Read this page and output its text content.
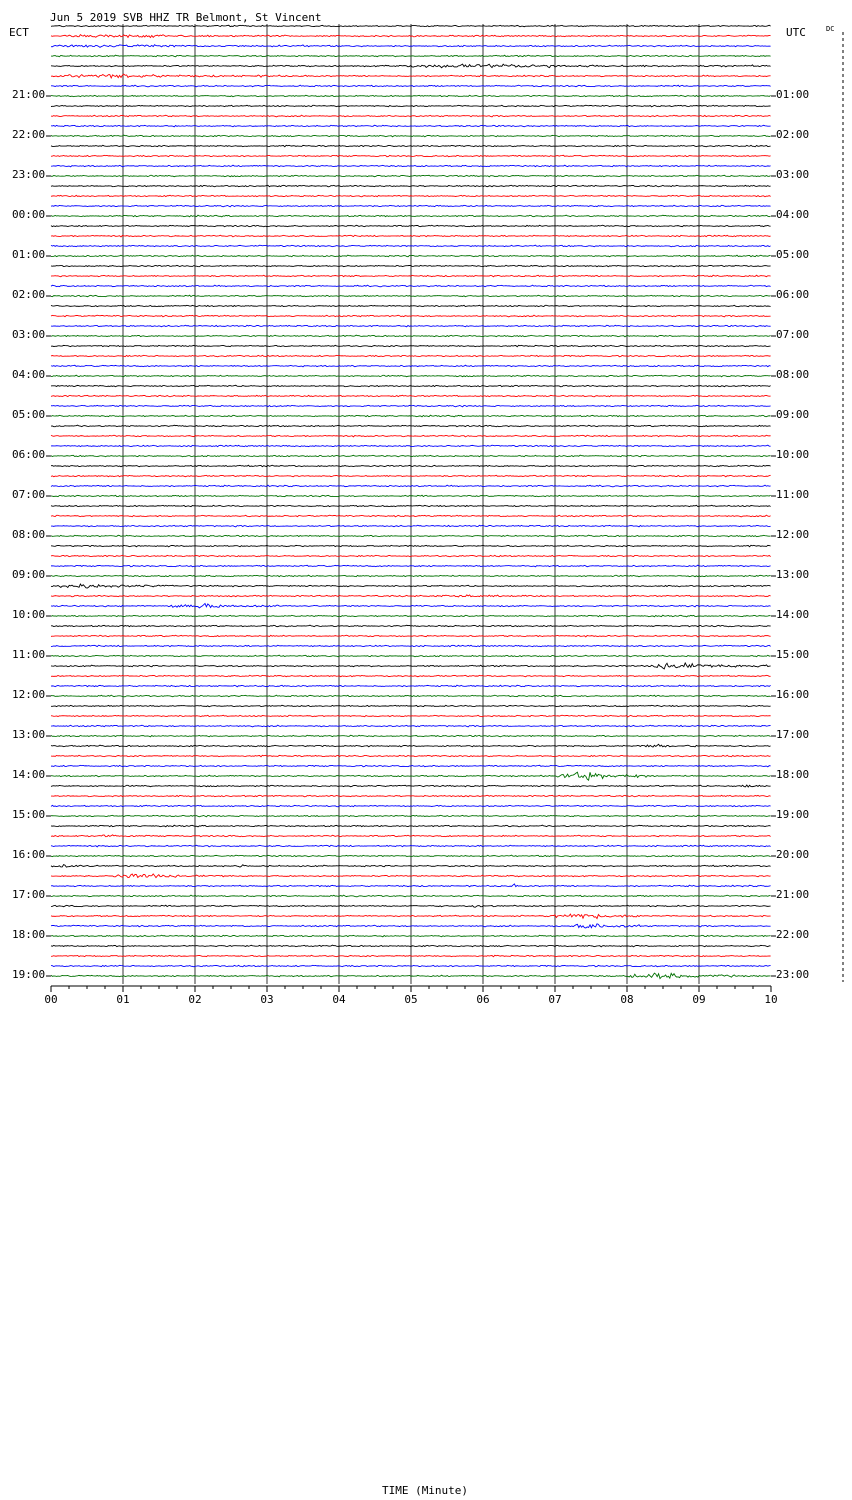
Jun 5 2019 SVB HHZ TR Belmont, St Vincent
ECT	UTC	DC
21:00
22:00
23:00
00:00
01:00
02:00
03:00
04:00
05:00
06:00
07:00
08:00
09:00
10:00
11:00
12:00
13:00
14:00
15:00
16:00
17:00
18:00
19:00
01:00
02:00
03:00
04:00
05:00
06:00
07:00
08:00
09:00
10:00
11:00
12:00
13:00
14:00
15:00
16:00
17:00
18:00
19:00
20:00
21:00
22:00
23:00
00	01	02	03	04	05	06	07	08	09	10
TIME (Minute)
